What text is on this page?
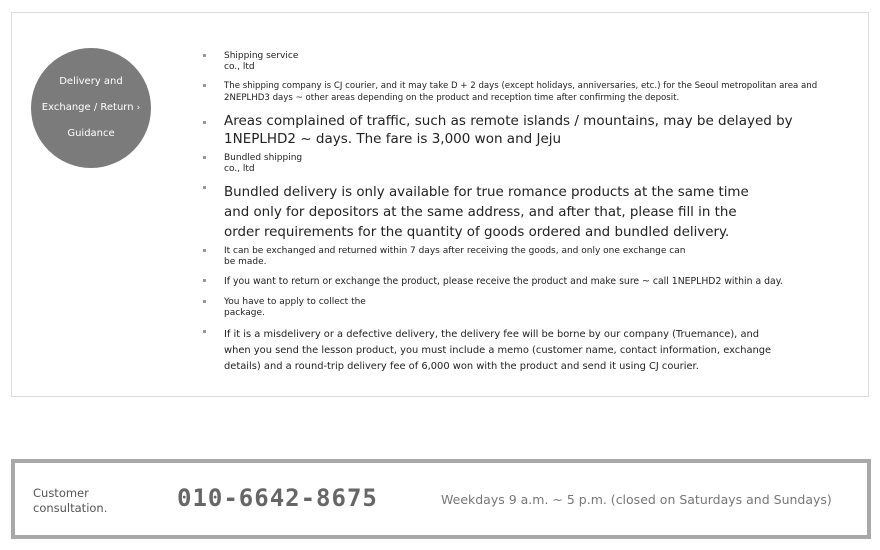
Delivery and
Exchange / Return ›
Guidance
Shipping service
co., ltd
The shipping company is CJ courier, and it may take D + 2 days (except holidays, anniversaries, etc.) for the Seoul metropolitan area and
2NEPLHD3 days ~ other areas depending on the product and reception time after confirming the deposit.
Areas complained of traffic, such as remote islands / mountains, may be delayed by
1NEPLHD2 ~ days. The fare is 3,000 won and Jeju
Bundled shipping
co., ltd
Bundled delivery is only available for true romance products at the same time
and only for depositors at the same address, and after that, please fill in the
order requirements for the quantity of goods ordered and bundled delivery.
It can be exchanged and returned within 7 days after receiving the goods, and only one exchange can
be made.
If you want to return or exchange the product, please receive the product and make sure ~ call 1NEPLHD2 within a day.
You have to apply to collect the
package.
If it is a misdelivery or a defective delivery, the delivery fee will be borne by our company (Truemance), and
when you send the lesson product, you must include a memo (customer name, contact information, exchange
details) and a round-trip delivery fee of 6,000 won with the product and send it using CJ courier.
Customer
consultation.	010-6642-8675	Weekdays 9 a.m. ~ 5 p.m. (closed on Saturdays and Sundays)
